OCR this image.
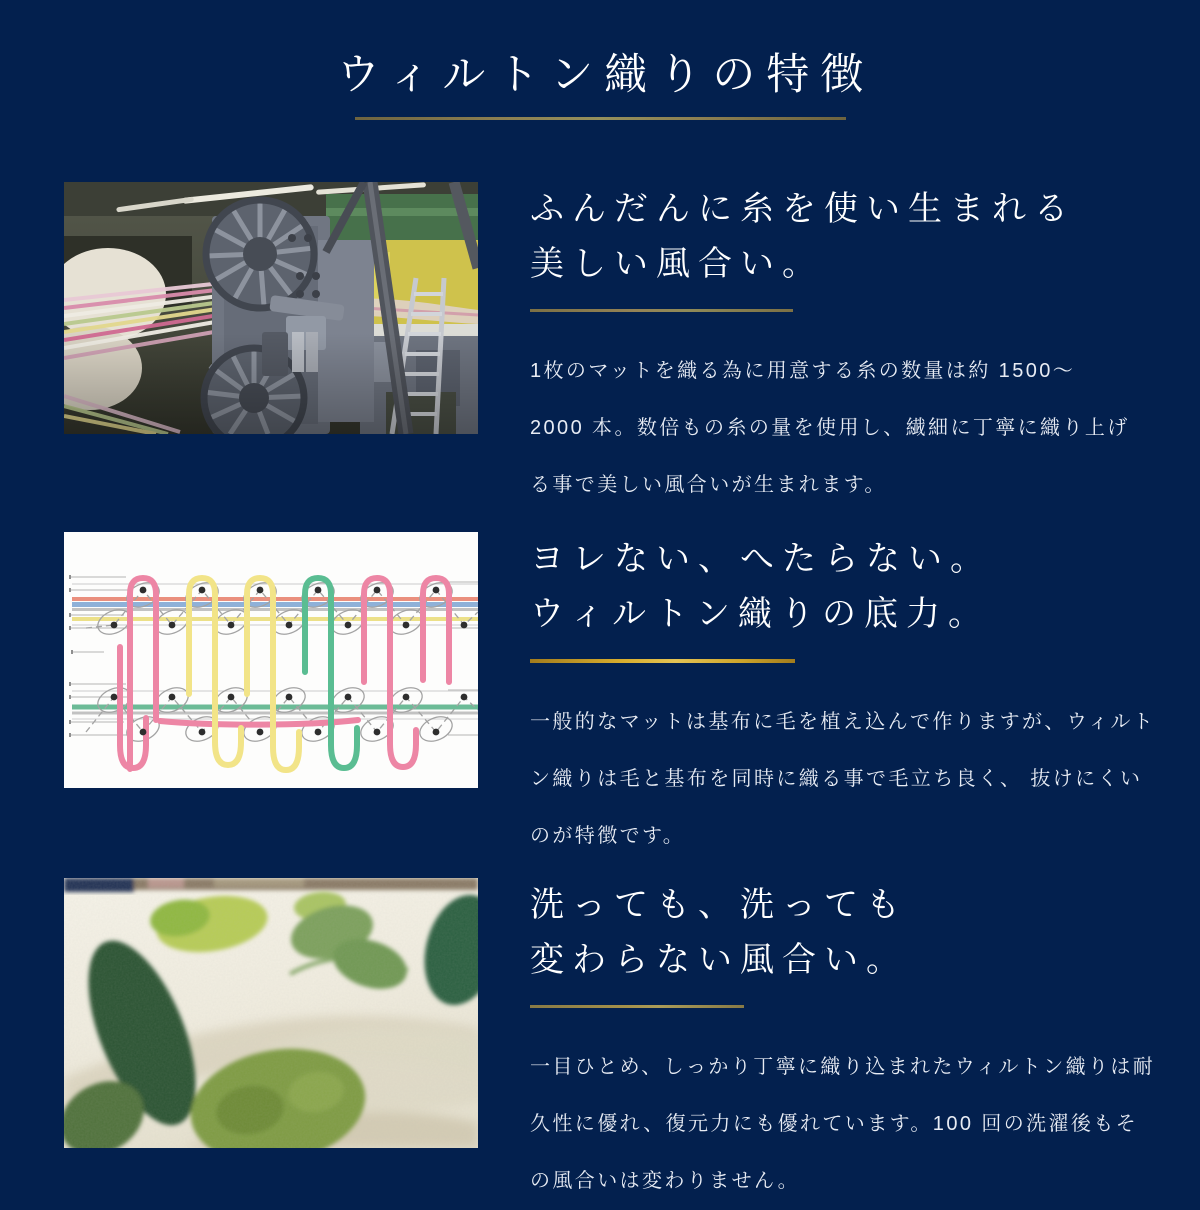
ウィルトン織りの特徴
ふんだんに糸を使い生まれる
美しい風合い。
1枚のマットを織る為に用意する糸の数量は約 1500〜
2000 本。数倍もの糸の量を使用し、繊細に丁寧に織り上げ
る事で美しい風合いが生まれます。
ヨレない、へたらない。
ウィルトン織りの底力。
一般的なマットは基布に毛を植え込んで作りますが、ウィルト
ン織りは毛と基布を同時に織る事で毛立ち良く、 抜けにくい
のが特徴です。
洗っても、洗っても
変わらない風合い。
一目ひとめ、しっかり丁寧に織り込まれたウィルトン織りは耐
久性に優れ、復元力にも優れています。100 回の洗濯後もそ
の風合いは変わりません。
